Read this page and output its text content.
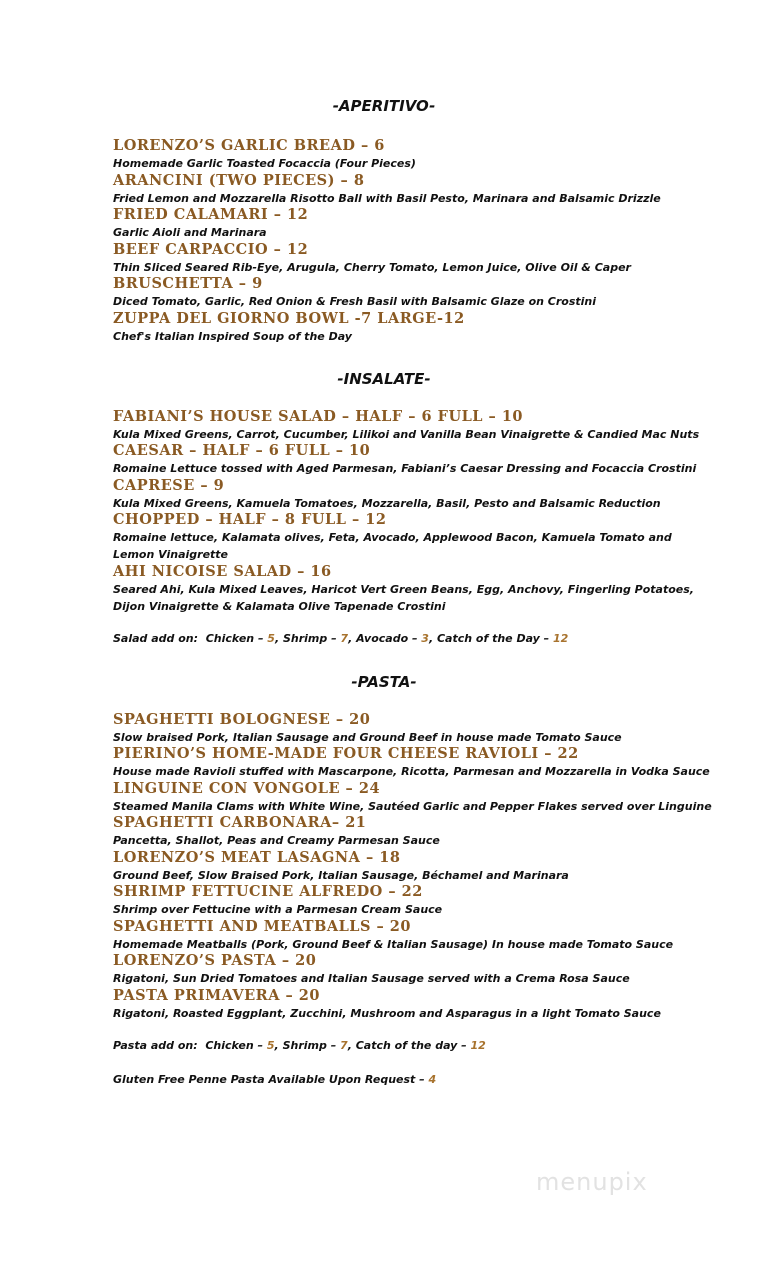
-APERITIVO-
LORENZO’S GARLIC BREAD – 6
Homemade Garlic Toasted Focaccia (Four Pieces)
ARANCINI (TWO PIECES) – 8
Fried Lemon and Mozzarella Risotto Ball with Basil Pesto, Marinara and Balsamic Drizzle
FRIED CALAMARI – 12
Garlic Aioli and Marinara
BEEF CARPACCIO – 12
Thin Sliced Seared Rib-Eye, Arugula, Cherry Tomato, Lemon Juice, Olive Oil & Caper
BRUSCHETTA – 9
Diced Tomato, Garlic, Red Onion & Fresh Basil with Balsamic Glaze on Crostini
ZUPPA DEL GIORNO BOWL -7 LARGE-12
Chef's Italian Inspired Soup of the Day
-INSALATE-
FABIANI’S HOUSE SALAD – HALF – 6 FULL – 10
Kula Mixed Greens, Carrot, Cucumber, Lilikoi and Vanilla Bean Vinaigrette & Candied Mac Nuts
CAESAR – HALF – 6 FULL – 10
Romaine Lettuce tossed with Aged Parmesan, Fabiani’s Caesar Dressing and Focaccia Crostini
CAPRESE – 9
Kula Mixed Greens, Kamuela Tomatoes, Mozzarella, Basil, Pesto and Balsamic Reduction
CHOPPED – HALF – 8 FULL – 12
Romaine lettuce, Kalamata olives, Feta, Avocado, Applewood Bacon, Kamuela Tomato and Lemon Vinaigrette
AHI NICOISE SALAD – 16
Seared Ahi, Kula Mixed Leaves, Haricot Vert Green Beans, Egg, Anchovy, Fingerling Potatoes, Dijon Vinaigrette & Kalamata Olive Tapenade Crostini
Salad add on: Chicken – 5, Shrimp – 7, Avocado – 3, Catch of the Day – 12
-PASTA-
SPAGHETTI BOLOGNESE – 20
Slow braised Pork, Italian Sausage and Ground Beef in house made Tomato Sauce
PIERINO’S HOME-MADE FOUR CHEESE RAVIOLI – 22
House made Ravioli stuffed with Mascarpone, Ricotta, Parmesan and Mozzarella in Vodka Sauce
LINGUINE CON VONGOLE – 24
Steamed Manila Clams with White Wine, Sautéed Garlic and Pepper Flakes served over Linguine
SPAGHETTI CARBONARA– 21
Pancetta, Shallot, Peas and Creamy Parmesan Sauce
LORENZO’S MEAT LASAGNA – 18
Ground Beef, Slow Braised Pork, Italian Sausage, Béchamel and Marinara
SHRIMP FETTUCINE ALFREDO – 22
Shrimp over Fettucine with a Parmesan Cream Sauce
SPAGHETTI AND MEATBALLS – 20
Homemade Meatballs (Pork, Ground Beef & Italian Sausage) In house made Tomato Sauce
LORENZO’S PASTA – 20
Rigatoni, Sun Dried Tomatoes and Italian Sausage served with a Crema Rosa Sauce
PASTA PRIMAVERA – 20
Rigatoni, Roasted Eggplant, Zucchini, Mushroom and Asparagus in a light Tomato Sauce
Pasta add on: Chicken – 5, Shrimp – 7, Catch of the day – 12
Gluten Free Penne Pasta Available Upon Request – 4
menupix
